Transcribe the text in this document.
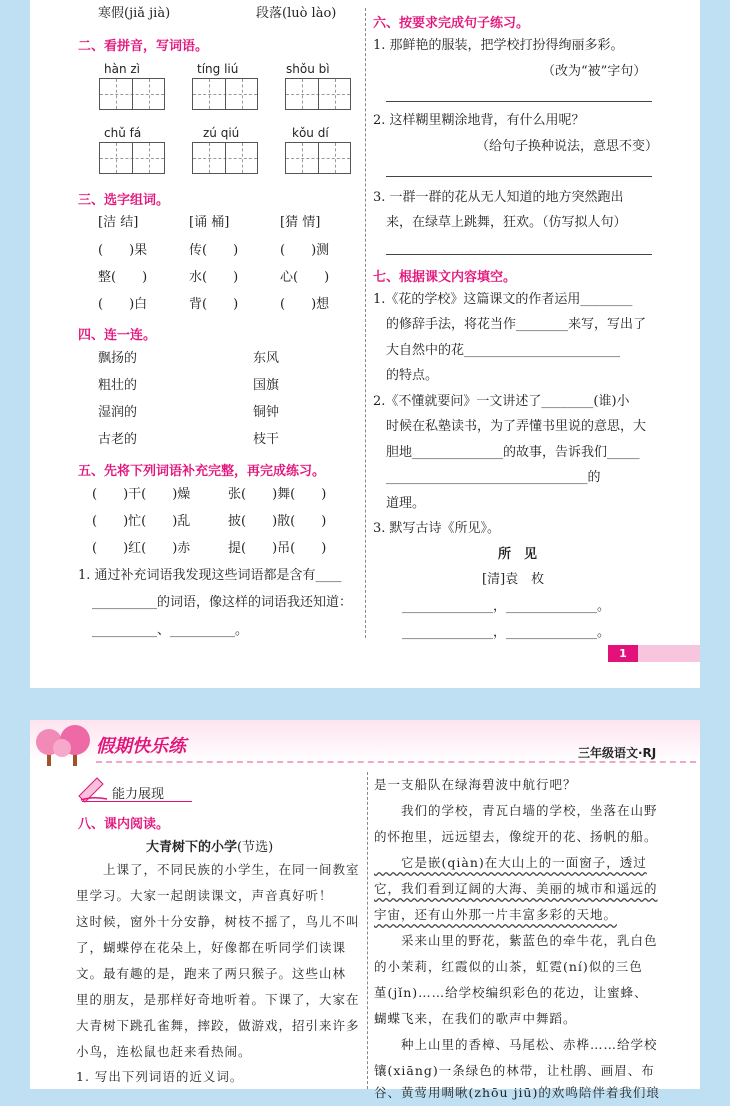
寒假(jiǎ jià)	段落(luò lào)
二、看拼音，写词语。
hàn zì	tíng liú	shǒu bì
chǔ fá	zú qiú	kǒu dí
三、选字组词。
[洁 结]	[诵 桶]	[猜 情]
(　　)果	传(　　)	(　　)测
整(　　)	水(　　)	心(　　)
(　　)白	背(　　)	(　　)想
四、连一连。
飘扬的
粗壮的
湿润的
古老的
东风
国旗
铜钟
枝干
五、先将下列词语补充完整，再完成练习。
(　　)干(　　)燥	张(　　)舞(　　)
(　　)忙(　　)乱	披(　　)散(　　)
(　　)红(　　)赤	提(　　)吊(　　)
1. 通过补充词语我发现这些词语都是含有____
__________的词语，像这样的词语我还知道：
__________、__________。
六、按要求完成句子练习。
1. 那鲜艳的服装，把学校打扮得绚丽多彩。
（改为“被”字句）
2. 这样糊里糊涂地背，有什么用呢？
（给句子换种说法，意思不变）
3. 一群一群的花从无人知道的地方突然跑出
来，在绿草上跳舞，狂欢。（仿写拟人句）
七、根据课文内容填空。
1.《花的学校》这篇课文的作者运用________
的修辞手法，将花当作________来写，写出了
大自然中的花________________________
的特点。
2.《不懂就要问》一文讲述了________(谁)小
时候在私塾读书，为了弄懂书里说的意思，大
胆地______________的故事，告诉我们_____
_______________________________的
道理。
3. 默写古诗《所见》。
所　见
[清]袁　枚
______________，______________。
______________，______________。
1
假期快乐练	三年级语文·RJ
能力展现
八、课内阅读。
大青树下的小学(节选)
　　上课了，不同民族的小学生，在同一间教室
里学习。大家一起朗读课文，声音真好听！
这时候，窗外十分安静，树枝不摇了，鸟儿不叫
了，蝴蝶停在花朵上，好像都在听同学们读课
文。最有趣的是，跑来了两只猴子。这些山林
里的朋友，是那样好奇地听着。下课了，大家在
大青树下跳孔雀舞，摔跤，做游戏，招引来许多
小鸟，连松鼠也赶来看热闹。
1. 写出下列词语的近义词。
是一支船队在绿海碧波中航行吧？
　　我们的学校，青瓦白墙的学校，坐落在山野
的怀抱里，远远望去，像绽开的花、扬帆的船。
　　它是嵌(qiàn)在大山上的一面窗子，透过
它，我们看到辽阔的大海、美丽的城市和遥远的
宇宙，还有山外那一片丰富多彩的天地。
　　采来山里的野花，紫蓝色的牵牛花，乳白色
的小茉莉，红霞似的山茶，虹霓(ní)似的三色
堇(jǐn)……给学校编织彩色的花边，让蜜蜂、
蝴蝶飞来，在我们的歌声中舞蹈。
　　种上山里的香樟、马尾松、赤桦……给学校
镶(xiāng)一条绿色的林带，让杜鹃、画眉、布
谷、黄莺用啁啾(zhōu jiū)的欢鸣陪伴着我们琅
